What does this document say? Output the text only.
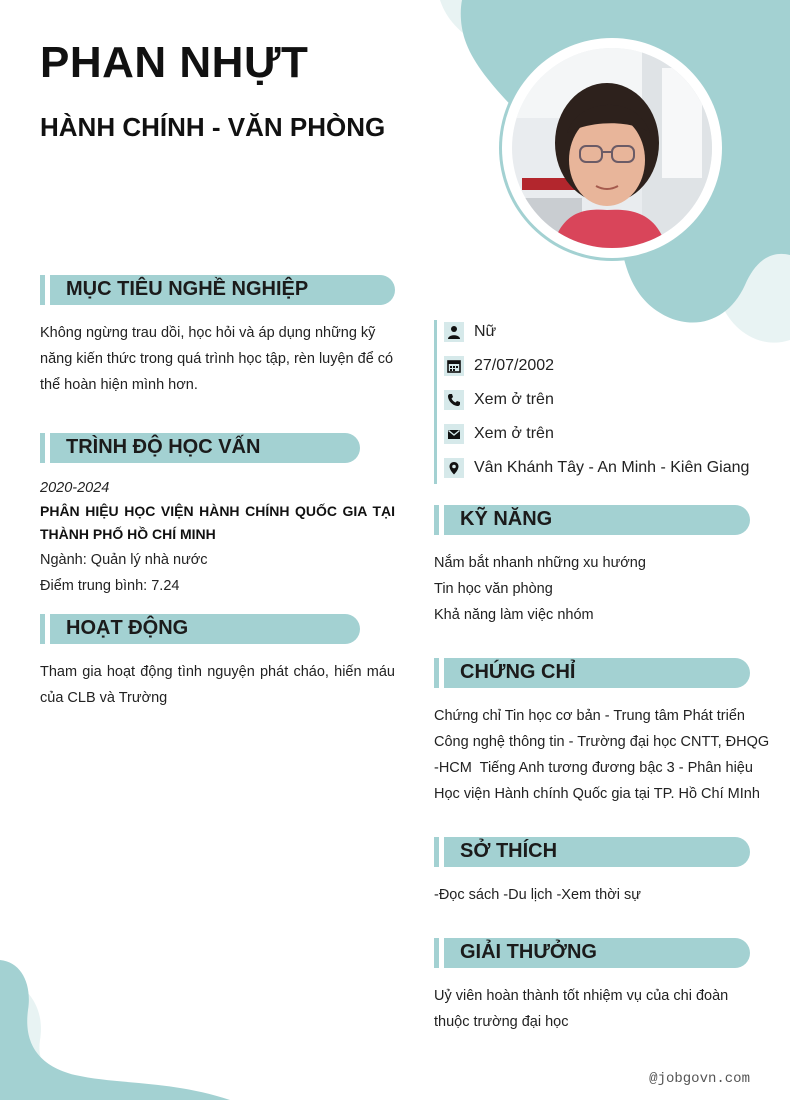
PHAN NHỰT
HÀNH CHÍNH - VĂN PHÒNG
MỤC TIÊU NGHỀ NGHIỆP

Không ngừng trau dồi, học hỏi và áp dụng những kỹ năng kiến thức trong quá trình học tập, rèn luyện để có thể hoàn hiện mình hơn.

TRÌNH ĐỘ HỌC VẤN
2020-2024

PHÂN HIỆU HỌC VIỆN HÀNH CHÍNH QUỐC GIA TẠI THÀNH PHỐ HỒ CHÍ MINH

Ngành: Quản lý nhà nước

Điểm trung bình: 7.24

HOẠT ĐỘNG

Tham gia hoạt động tình nguyện phát cháo, hiến máu của CLB và Trường

Nữ
27/07/2002
Xem ở trên
Xem ở trên
Vân Khánh Tây - An Minh - Kiên Giang
KỸ NĂNG

Nắm bắt nhanh những xu hướng

Tin học văn phòng

Khả năng làm việc nhóm

CHỨNG CHỈ

Chứng chỉ Tin học cơ bản - Trung tâm Phát triển

Công nghệ thông tin - Trường đại học CNTT, ĐHQG

-HCM  Tiếng Anh tương đương bậc 3 - Phân hiệu

Học viện Hành chính Quốc gia tại TP. Hồ Chí MInh

SỞ THÍCH

-Đọc sách -Du lịch -Xem thời sự

GIẢI THƯỞNG

Uỷ viên hoàn thành tốt nhiệm vụ của chi đoàn

thuộc trường đại học

@jobgovn.com
